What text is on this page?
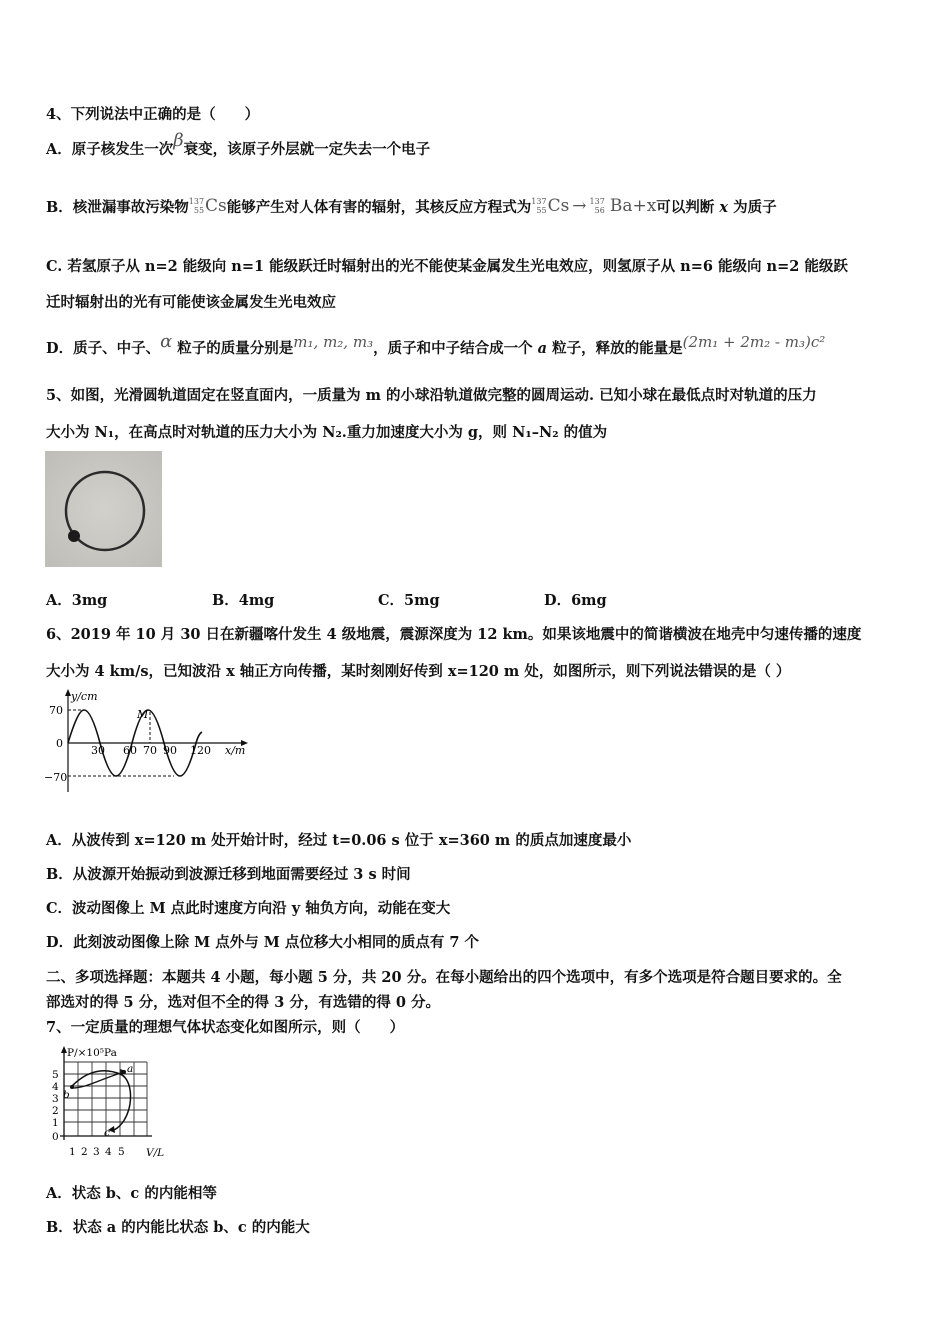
4、下列说法中正确的是（　　）
A．原子核发生一次β衰变，该原子外层就一定失去一个电子
B．核泄漏事故污染物 137
55 Cs 能够产生对人体有害的辐射，其核反应方程式为 137
55 Cs → 137
56 Ba+x 可以判断 x 为质子
C. 若氢原子从 n=2 能级向 n=1 能级跃迁时辐射出的光不能使某金属发生光电效应，则氢原子从 n=6 能级向 n=2 能级跃
迁时辐射出的光有可能使该金属发生光电效应
D．质子、中子、α 粒子的质量分别是m₁, m₂, m₃，质子和中子结合成一个 a 粒子，释放的能量是(2m₁ + 2m₂ - m₃)c²
5、如图，光滑圆轨道固定在竖直面内，一质量为 m 的小球沿轨道做完整的圆周运动. 已知小球在最低点时对轨道的压力
大小为 N₁，在高点时对轨道的压力大小为 N₂.重力加速度大小为 g，则 N₁–N₂ 的值为
A．3mg	B．4mg	C．5mg	D．6mg
6、2019 年 10 月 30 日在新疆喀什发生 4 级地震，震源深度为 12 km。如果该地震中的简谐横波在地壳中匀速传播的速度
大小为 4 km/s，已知波沿 x 轴正方向传播，某时刻刚好传到 x=120 m 处，如图所示，则下列说法错误的是（ ）
y/cm
x/m
70
0
−70
M
30 60 70 90 120
A．从波传到 x=120 m 处开始计时，经过 t=0.06 s 位于 x=360 m 的质点加速度最小
B．从波源开始振动到波源迁移到地面需要经过 3 s 时间
C．波动图像上 M 点此时速度方向沿 y 轴负方向，动能在变大
D．此刻波动图像上除 M 点外与 M 点位移大小相同的质点有 7 个
二、多项选择题：本题共 4 小题，每小题 5 分，共 20 分。在每小题给出的四个选项中，有多个选项是符合题目要求的。全
部选对的得 5 分，选对但不全的得 3 分，有选错的得 0 分。
7、一定质量的理想气体状态变化如图所示，则（　　）
P/×10⁵Pa
V/L
5
4
3
2
1
0
1 2 3 4 5
a
b
c
A．状态 b、c 的内能相等
B．状态 a 的内能比状态 b、c 的内能大
